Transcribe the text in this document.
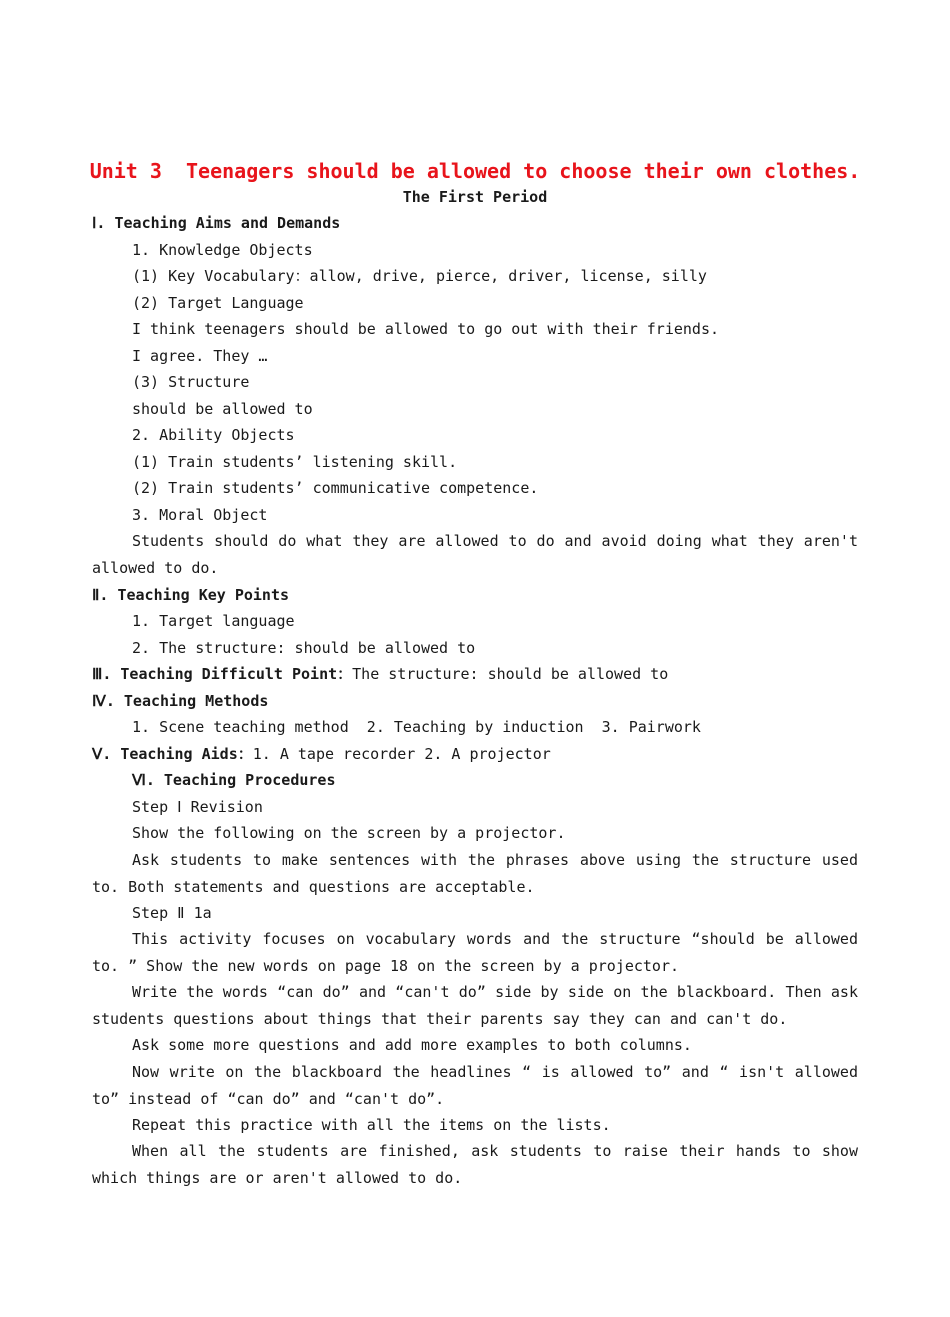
Unit 3  Teenagers should be allowed to choose their own clothes.
The First Period
Ⅰ. Teaching Aims and Demands
1. Knowledge Objects
(1) Key Vocabulary：allow, drive, pierce, driver, license, silly
(2) Target Language
I think teenagers should be allowed to go out with their friends.
I agree. They …
(3) Structure
should be allowed to
2. Ability Objects
(1) Train students’ listening skill.
(2) Train students’ communicative competence.
3. Moral Object
Students should do what they are allowed to do and avoid doing what they aren't allowed to do.
Ⅱ. Teaching Key Points
1. Target language
2. The structure: should be allowed to
Ⅲ. Teaching Difficult Point：The structure: should be allowed to
Ⅳ. Teaching Methods
1. Scene teaching method  2. Teaching by induction  3. Pairwork
Ⅴ. Teaching Aids：1. A tape recorder 2. A projector
Ⅵ. Teaching Procedures
Step Ⅰ Revision
Show the following on the screen by a projector.
Ask students to make sentences with the phrases above using the structure used to. Both statements and questions are acceptable.
Step Ⅱ 1a
This activity focuses on vocabulary words and the structure “should be allowed to. ” Show the new words on page 18 on the screen by a projector.
Write the words “can do” and “can't do” side by side on the blackboard. Then ask students questions about things that their parents say they can and can't do.
Ask some more questions and add more examples to both columns.
Now write on the blackboard the headlines “ is allowed to” and “ isn't allowed to” instead of “can do” and “can't do”.
Repeat this practice with all the items on the lists.
When all the students are finished, ask students to raise their hands to show which things are or aren't allowed to do.
